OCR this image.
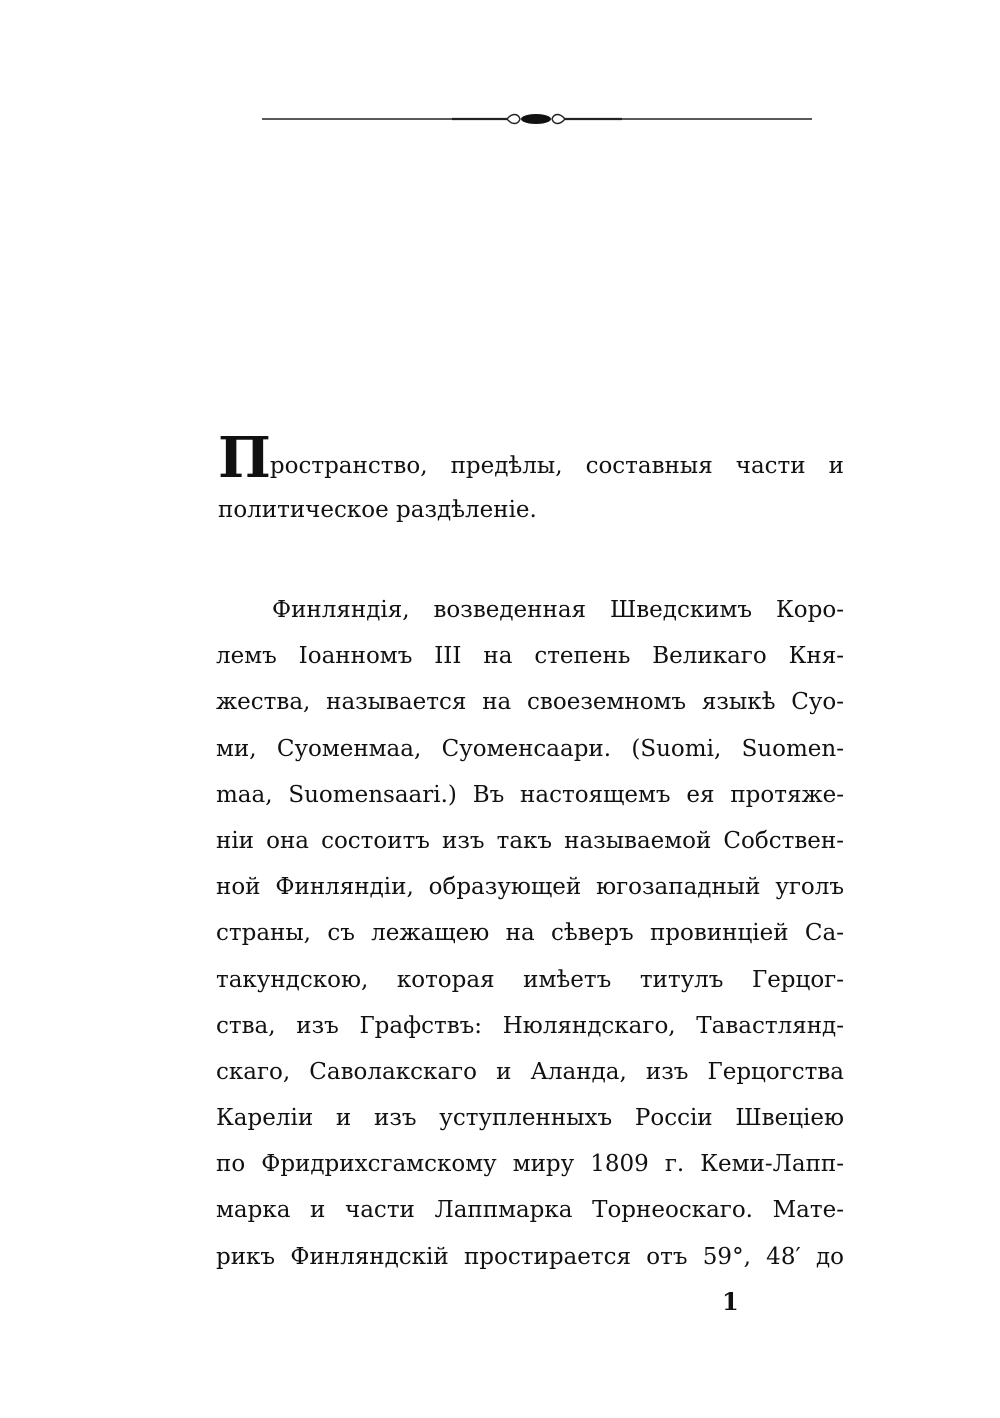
Пространство, предѣлы, составныя части и
политическое раздѣленіе.
Финляндія, возведенная Шведскимъ Коро-
лемъ Іоанномъ III на степень Великаго Кня-
жества, называется на своеземномъ языкѣ Суо-
ми, Суоменмаа, Суоменсаари. (Suomi, Suomen-
maa, Suomensaari.) Въ настоящемъ ея протяже-
ніи она состоитъ изъ такъ называемой Собствен-
ной Финляндіи, образующей югозападный уголъ
страны, съ лежащею на сѣверъ провинціей Са-
такундскою, которая имѣетъ титулъ Герцог-
ства, изъ Графствъ: Нюляндскаго, Тавастлянд-
скаго, Саволакскаго и Аланда, изъ Герцогства
Кареліи и изъ уступленныхъ Россіи Швеціею
по Фридрихсгамскому миру 1809 г. Кеми-Лапп-
марка и части Лаппмарка Торнеоскаго. Мате-
рикъ Финляндскій простирается отъ 59°, 48′ до
1
